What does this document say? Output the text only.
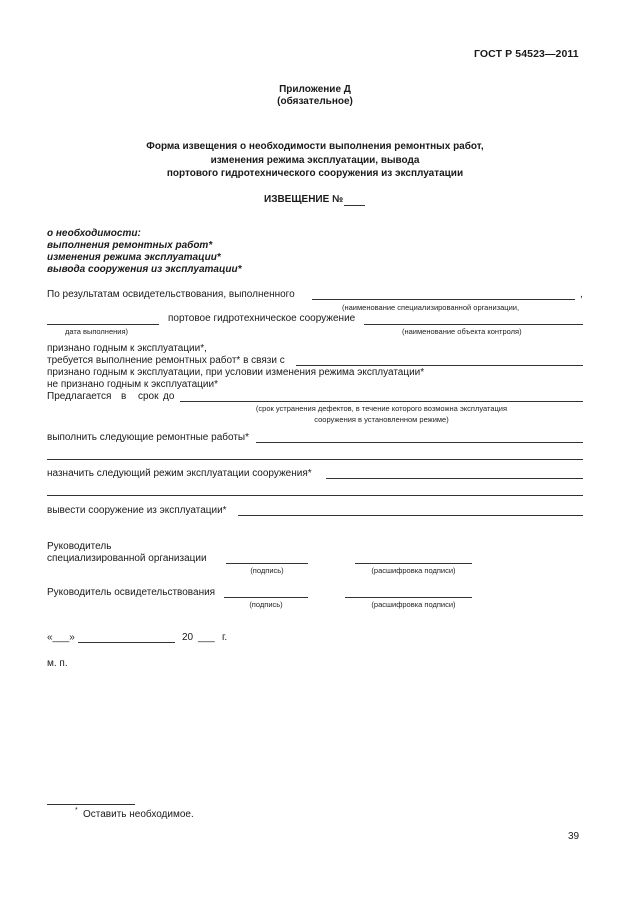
ГОСТ Р 54523—2011
Приложение Д
(обязательное)
Форма извещения о необходимости выполнения ремонтных работ,
изменения режима эксплуатации, вывода
портового гидротехнического сооружения из эксплуатации
ИЗВЕЩЕНИЕ №
о необходимости:
выполнения ремонтных работ*
изменения режима эксплуатации*
вывода сооружения из эксплуатации*
По результатам освидетельствования, выполненного	,
(наименование специализированной организации,
портовое гидротехническое сооружение
дата выполнения)	(наименование объекта контроля)
признано годным к эксплуатации*,
требуется выполнение ремонтных работ* в связи с
признано годным к эксплуатации, при условии изменения режима эксплуатации*
не признано годным к эксплуатации*
Предлагается в срок до
(срок устранения дефектов, в течение которого возможна эксплуатация
сооружения в установленном режиме)
выполнить следующие ремонтные работы*
назначить следующий режим эксплуатации сооружения*
вывести сооружение из эксплуатации*
Руководитель
специализированной организации
(подпись)	(расшифровка подписи)
Руководитель освидетельствования
(подпись)	(расшифровка подписи)
«___»	20 ___ г.
м. п.
* Оставить необходимое.
39
